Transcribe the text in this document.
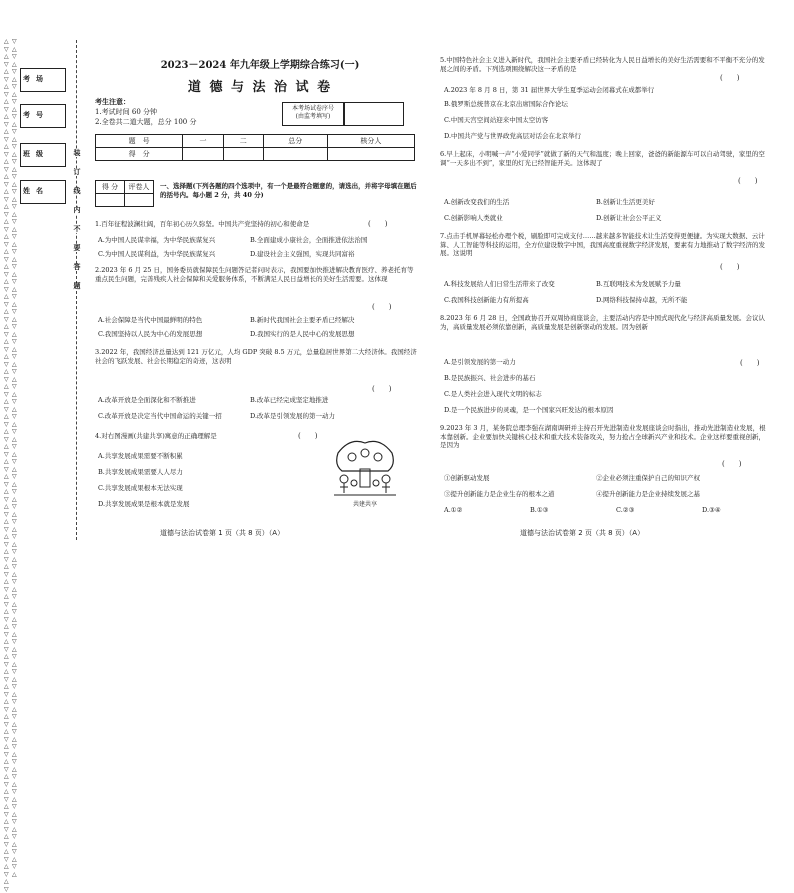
△▽△▽△▽△▽△▽△▽△▽△▽△▽△▽△▽△▽△▽△▽△▽△▽△▽△▽△▽△▽△▽△▽△▽△▽△▽△▽△▽△▽△▽△▽△▽△▽△▽△▽△▽△▽△▽△▽△▽△▽△▽△▽△▽△▽△▽△▽△▽△▽△▽△▽△▽△▽△▽△▽△▽△▽△▽
▽△▽△▽△▽△▽△▽△▽△▽△▽△▽△▽△▽△▽△▽△▽△▽△▽△▽△▽△▽△▽△▽△▽△▽△▽△▽△▽△▽△▽△▽△▽△▽△▽△▽△▽△▽△▽△▽△▽△▽△▽△▽△▽△▽△▽△▽△▽△▽△▽△▽△▽△▽△▽△▽△▽△▽△
考场
考号
班级
姓名
装
订
线
内
不
要
答
题
2023－2024 年九年级上学期综合练习(一)
道 德 与 法 治 试 卷
考生注意：
1.考试时间 60 分钟
2.全卷共二道大题，总分 100 分
本考场试卷序号
(由监考填写)
题　号	一	二	总分	核分人
得　分				
得 分	评卷人
	一、选择题(下列各题的四个选项中，有一个是最符合题意的，请选出，并将字母填在题后的括号内。每小题 2 分，共 40 分)
1.百年征程波澜壮阔，百年初心历久弥坚。中国共产党坚持的初心和使命是	(　　)
A.为中国人民谋幸福，为中华民族谋复兴	B.全面建成小康社会，全面推进依法治国
C.为中国人民谋利益，为中华民族谋复兴	D.建设社会主义强国，实现共同富裕
2.2023 年 6 月 25 日，国务委员就保障民生问题答记者问时表示，我国要加快推进解决教育医疗、养老托育等重点民生问题，完善残疾人社会保障和关爱服务体系，不断满足人民日益增长的美好生活需要。这体现
(　　)
A.社会保障是当代中国最鲜明的特色	B.新时代我国社会主要矛盾已经解决
C.我国坚持以人民为中心的发展思想	D.我国实行的是人民中心的发展思想
3.2022 年，我国经济总量达到 121 万亿元，人均 GDP 突破 8.5 万元，总量稳居世界第二大经济体。我国经济社会的飞跃发展、社会长期稳定的奇迹，这表明
(　　)
A.改革开放是全面深化和不断推进	B.改革已经完成坚定地推进
C.改革开放是决定当代中国命运的关键一招	D.改革是引领发展的第一动力
4.对右图漫画(共建共享)寓意的正确理解是	(　　)
A.共享发展成果需要不断积累
B.共享发展成果需要人人尽力
C.共享发展成果根本无法实现
D.共享发展成果是根本就是发展	共建共享
道德与法治试卷第 1 页（共 8 页）（A）
5.中国特色社会主义进入新时代，我国社会主要矛盾已经转化为人民日益增长的美好生活需要和不平衡不充分的发展之间的矛盾。下列选项围绕解决这一矛盾的是
(　　)
A.2023 年 8 月 8 日，第 31 届世界大学生夏季运动会闭幕式在成都举行
B.俄罗斯总统普京在北京出席国际合作论坛
C.中国天宫空间站迎来中国太空访客
D.中国共产党与世界政党高层对话会在北京举行
6.早上起床，小明喊一声“小爱同学”就做了新的天气和温度；晚上回家，爸爸的新能源车可以自动驾驶，家里的空调“一天多出不到”，家里的灯光已经智能开关。这体现了
(　　)
A.创新改变我们的生活	B.创新让生活更美好
C.创新影响人类就业	D.创新让社会公平正义
7.点击手机屏幕轻松办理个税，刷脸即可完成支付……越来越多智能技术让生活变得更便捷。为实现大数据、云计算、人工智能等科技的运用，全方位建设数字中国，我国高度重视数字经济发展，要素有力地推动了数字经济的发展。这说明
(　　)
A.科技发展给人们日常生活带来了改变	B.互联网技术为发展赋予力量
C.我国科技创新能力有所提高	D.网络科技保持卓越，无所不能
8.2023 年 6 月 28 日，全国政协召开双周协商座谈会，主要活动内容是中国式现代化与经济高质量发展。会议认为，高质量发展必须依靠创新，高质量发展是创新驱动的发展。因为创新
(　　)
A.是引领发展的第一动力
B.是民族振兴、社会进步的基石
C.是人类社会进入现代文明的标志
D.是一个民族进步的灵魂，是一个国家兴旺发达的根本原因
9.2023 年 3 月，某务院总理李强在湖南调研并主持召开先进制造业发展座谈会时指出，推动先进制造业发展，根本靠创新。企业要加快关键核心技术和重大技术装备攻关，努力抢占全球新兴产业和技术。企业这样要重视创新，是因为
(　　)
①创新驱动发展	②企业必须注重保护自己的知识产权
③提升创新能力是企业生存的根本之道	④提升创新能力是企业持续发展之基
A.①②	B.①③	C.②③	D.③④
道德与法治试卷第 2 页（共 8 页）（A）
